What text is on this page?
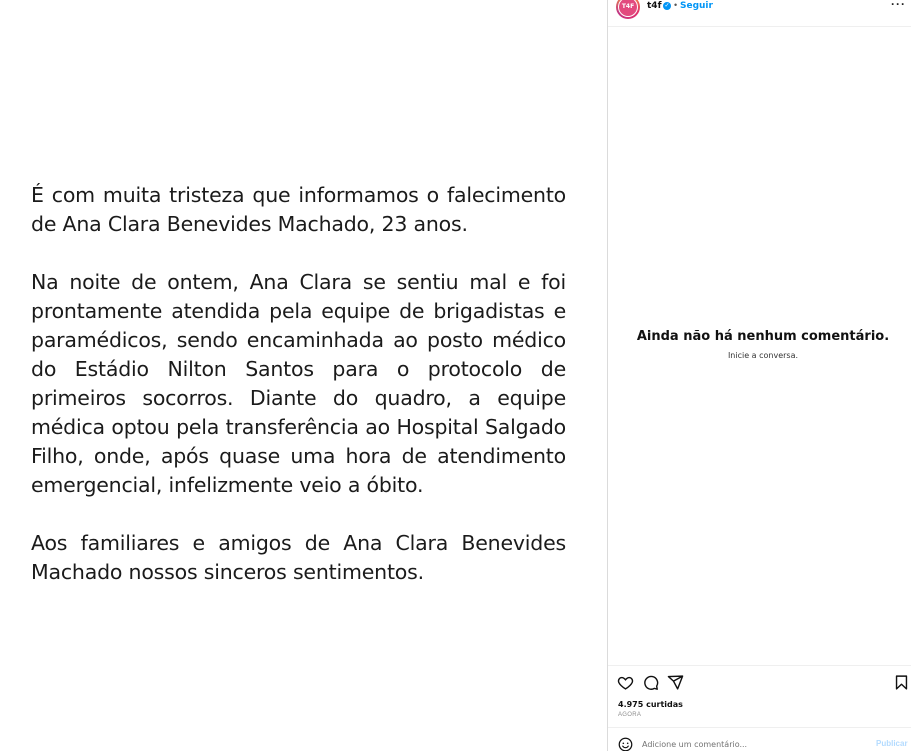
É com muita tristeza que informamos o falecimento de Ana Clara Benevides Machado, 23 anos.

Na noite de ontem, Ana Clara se sentiu mal e foi prontamente atendida pela equipe de brigadistas e paramédicos, sendo encaminhada ao posto médico do Estádio Nilton Santos para o protocolo de primeiros socorros. Diante do quadro, a equipe médica optou pela transferência ao Hospital Salgado Filho, onde, após quase uma hora de atendimento emergencial, infelizmente veio a óbito.

Aos familiares e amigos de Ana Clara Benevides Machado nossos sinceros sentimentos.

T4F	t4f ✓ • Seguir	···
Ainda não há nenhum comentário.
Inicie a conversa.
4.975 curtidas
AGORA
Adicione um comentário...
Publicar
